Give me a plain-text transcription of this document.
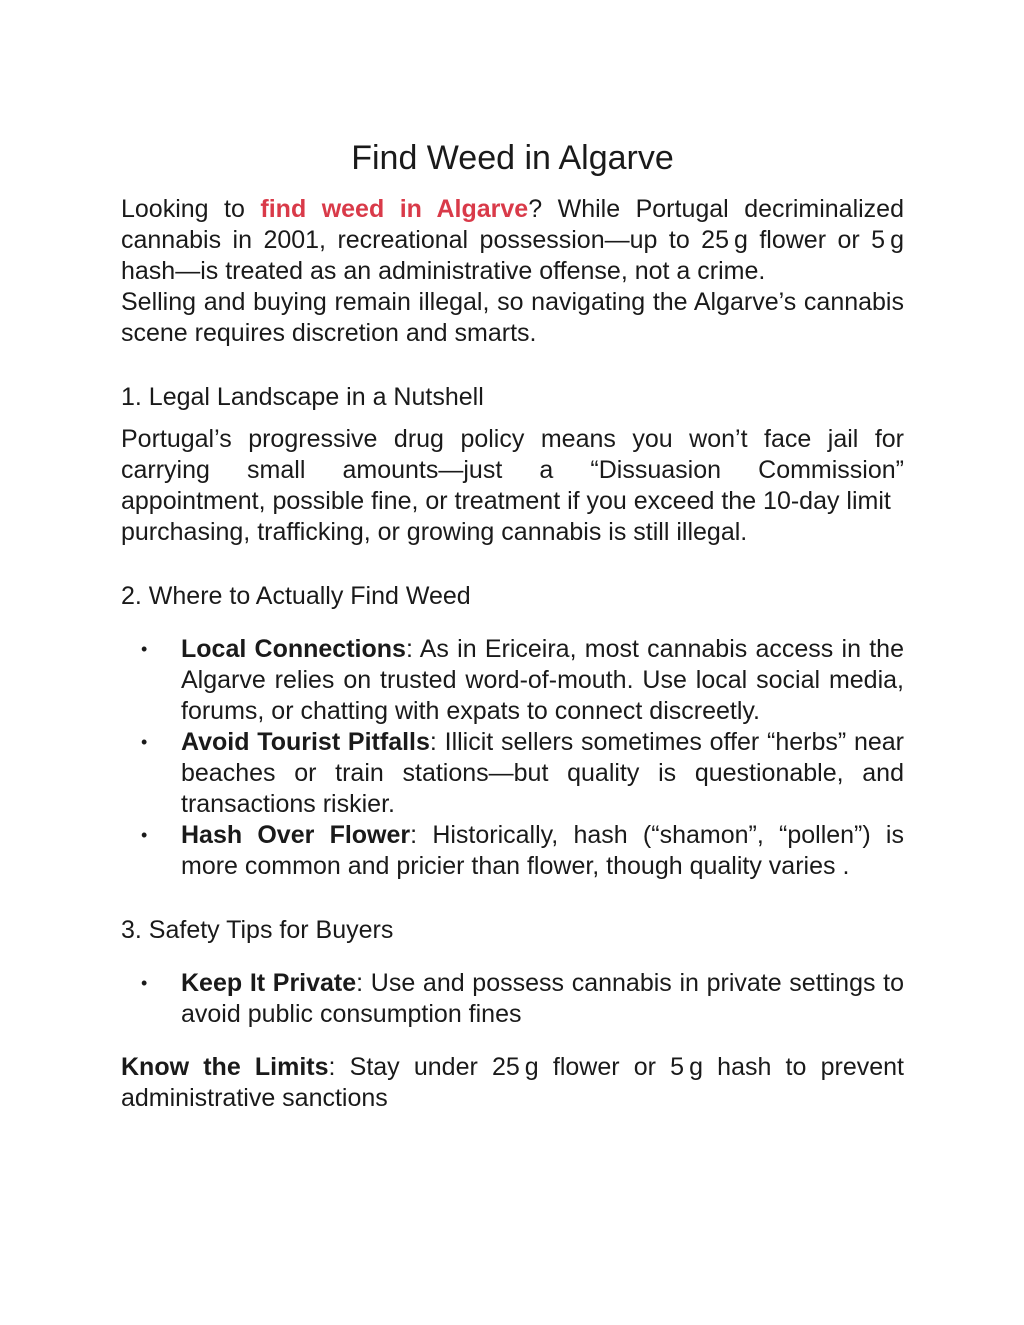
Find Weed in Algarve

Looking to find weed in Algarve? While Portugal decriminalized cannabis in 2001, recreational possession—up to 25 g flower or 5 g hash—is treated as an administrative offense, not a crime.

Selling and buying remain illegal, so navigating the Algarve’s cannabis scene requires discretion and smarts.

1. Legal Landscape in a Nutshell

Portugal’s progressive drug policy means you won’t face jail for carrying small amounts—just a “Dissuasion Commission” appointment, possible fine, or treatment if you exceed the 10-day limit

purchasing, trafficking, or growing cannabis is still illegal.

2. Where to Actually Find Weed

• Local Connections: As in Ericeira, most cannabis access in the Algarve relies on trusted word-of-mouth. Use local social media, forums, or chatting with expats to connect discreetly.
• Avoid Tourist Pitfalls: Illicit sellers sometimes offer “herbs” near beaches or train stations—but quality is questionable, and transactions riskier.
• Hash Over Flower: Historically, hash (“shamon”, “pollen”) is more common and pricier than flower, though quality varies .

3. Safety Tips for Buyers

• Keep It Private: Use and possess cannabis in private settings to avoid public consumption fines

Know the Limits: Stay under 25 g flower or 5 g hash to prevent administrative sanctions
